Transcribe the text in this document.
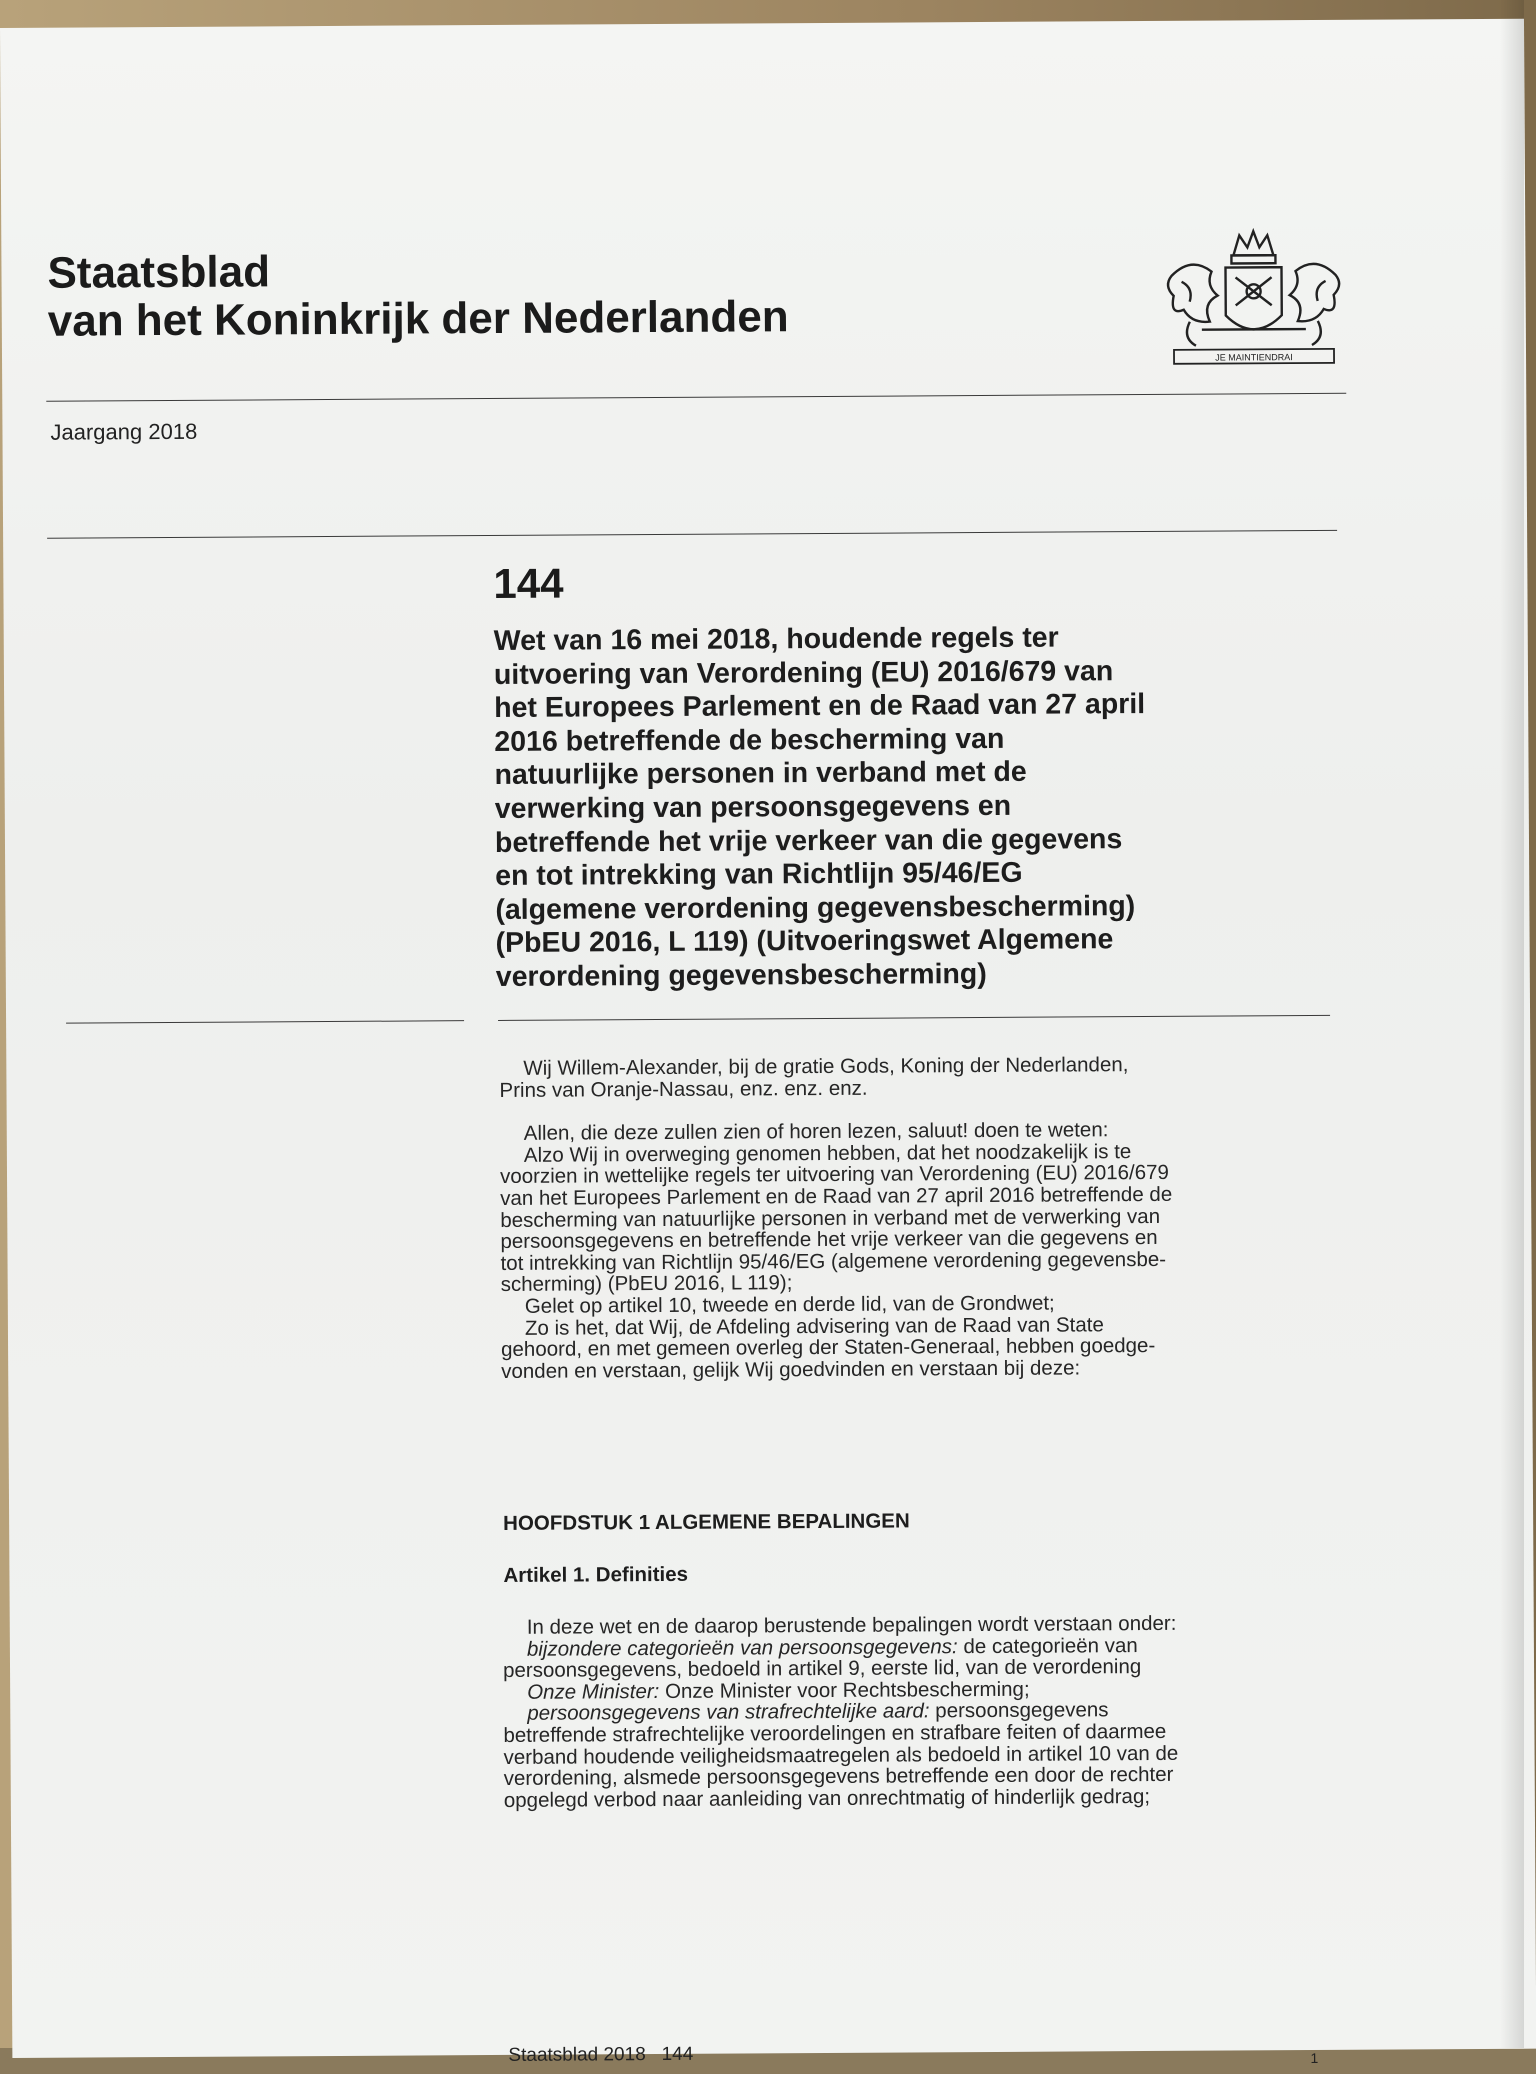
Staatsblad
van het Koninkrijk der Nederlanden
JE MAINTIENDRAI
Jaargang 2018
144
Wet van 16 mei 2018, houdende regels ter
uitvoering van Verordening (EU) 2016/679 van
het Europees Parlement en de Raad van 27 april
2016 betreffende de bescherming van
natuurlijke personen in verband met de
verwerking van persoonsgegevens en
betreffende het vrije verkeer van die gegevens
en tot intrekking van Richtlijn 95/46/EG
(algemene verordening gegevensbescherming)
(PbEU 2016, L 119) (Uitvoeringswet Algemene
verordening gegevensbescherming)
Wij Willem-Alexander, bij de gratie Gods, Koning der Nederlanden,
Prins van Oranje-Nassau, enz. enz. enz.
Allen, die deze zullen zien of horen lezen, saluut! doen te weten:
Alzo Wij in overweging genomen hebben, dat het noodzakelijk is te
voorzien in wettelijke regels ter uitvoering van Verordening (EU) 2016/679
van het Europees Parlement en de Raad van 27 april 2016 betreffende de
bescherming van natuurlijke personen in verband met de verwerking van
persoonsgegevens en betreffende het vrije verkeer van die gegevens en
tot intrekking van Richtlijn 95/46/EG (algemene verordening gegevensbe-
scherming) (PbEU 2016, L 119);
Gelet op artikel 10, tweede en derde lid, van de Grondwet;
Zo is het, dat Wij, de Afdeling advisering van de Raad van State
gehoord, en met gemeen overleg der Staten-Generaal, hebben goedge-
vonden en verstaan, gelijk Wij goedvinden en verstaan bij deze:
HOOFDSTUK 1 ALGEMENE BEPALINGEN
Artikel 1. Definities
In deze wet en de daarop berustende bepalingen wordt verstaan onder:
bijzondere categorieën van persoonsgegevens: de categorieën van
persoonsgegevens, bedoeld in artikel 9, eerste lid, van de verordening
Onze Minister: Onze Minister voor Rechtsbescherming;
persoonsgegevens van strafrechtelijke aard: persoonsgegevens
betreffende strafrechtelijke veroordelingen en strafbare feiten of daarmee
verband houdende veiligheidsmaatregelen als bedoeld in artikel 10 van de
verordening, alsmede persoonsgegevens betreffende een door de rechter
opgelegd verbod naar aanleiding van onrechtmatig of hinderlijk gedrag;
Staatsblad 2018   144	1
